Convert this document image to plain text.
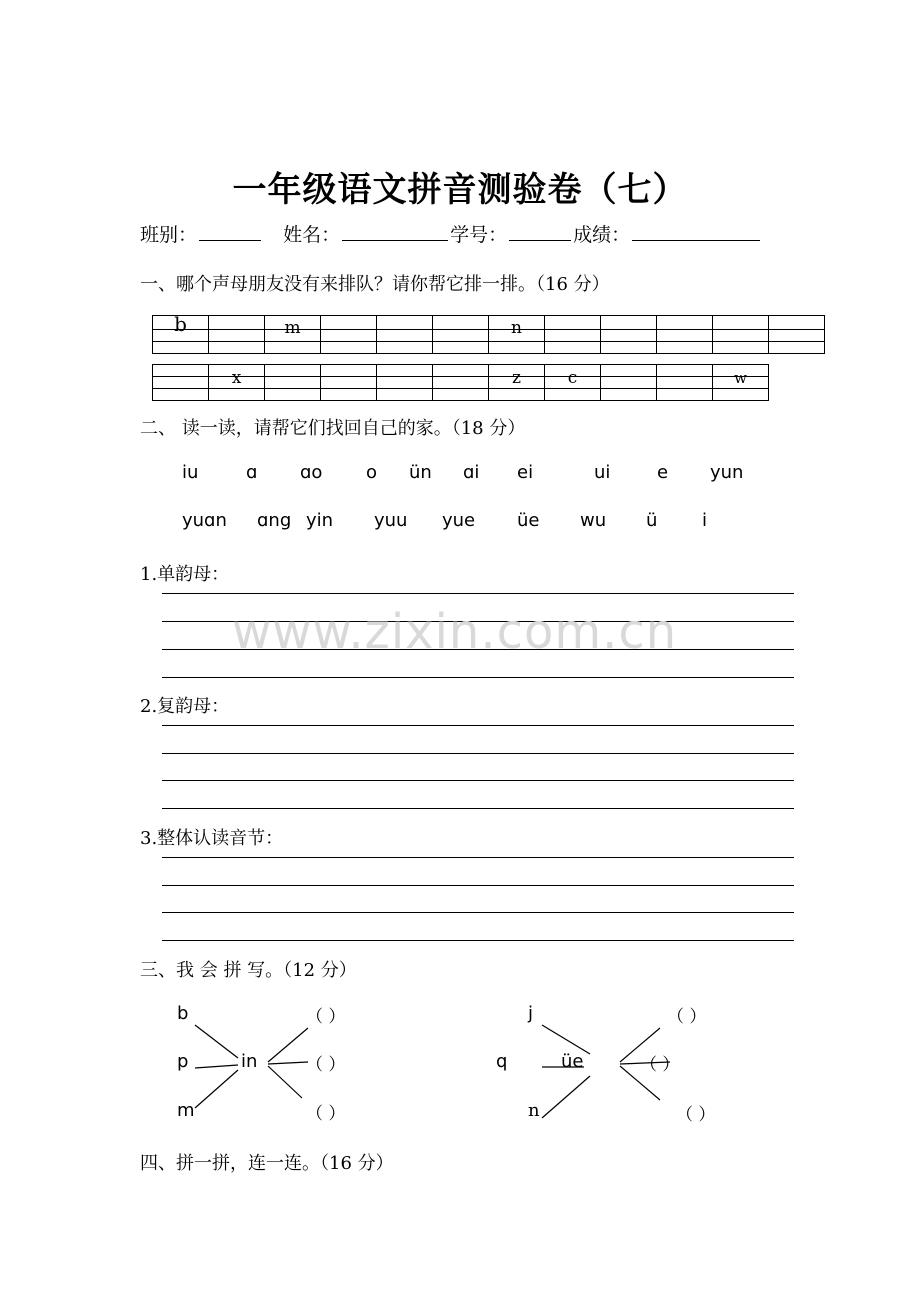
一年级语文拼音测验卷（七）
班别：	姓名：	学号：	成绩：
一、哪个声母朋友没有来排队？请你帮它排一排。（16 分）
b		m				n					

	x					z	c			w

二、 读一读，请帮它们找回自己的家。（18 分）
iu	ɑ ɑo o ün ɑi ei	ui	e yun
yuɑn ɑng yin yuu yue üe wu ü i
1.单韵母：
www.zixin.com.cn
2.复韵母：
3.整体认读音节：
三、我 会 拼 写。（12 分）
b
p
m
in
（ ）
（ ）
（ ）
j
q
n
üe
（ ）
（ ）
（ ）
四、拼一拼，连一连。（16 分）
